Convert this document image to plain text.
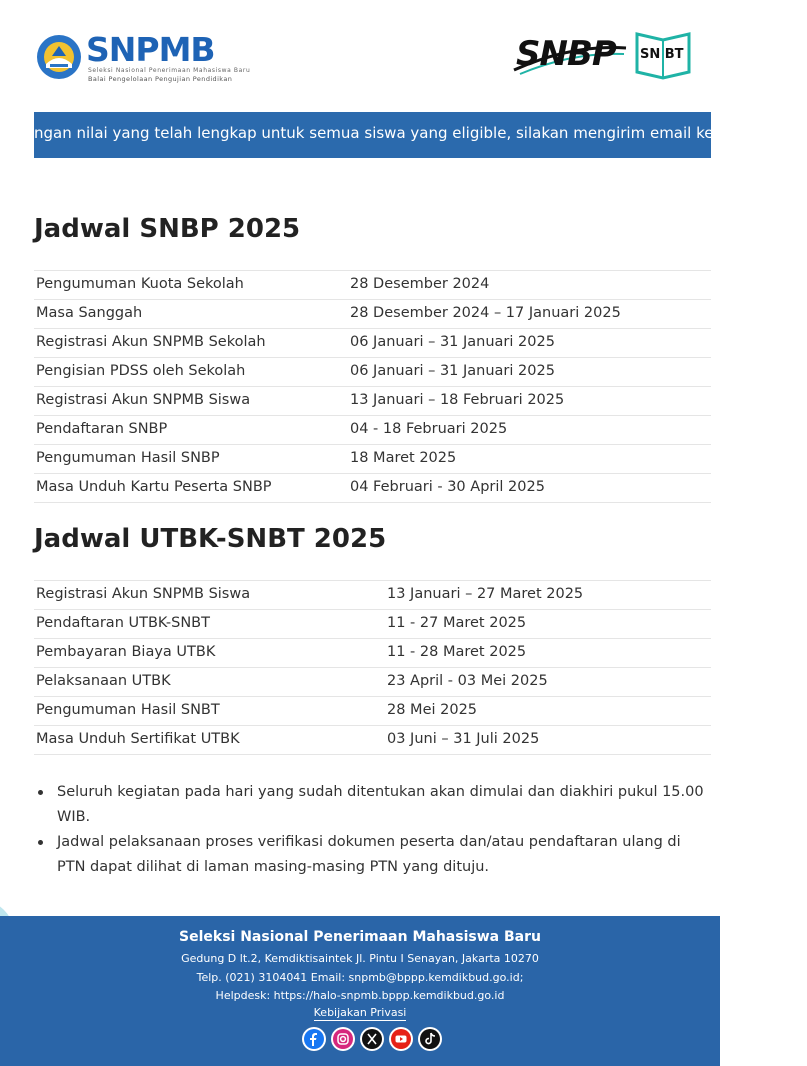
SNPMB
Seleksi Nasional Penerimaan Mahasiswa Baru
Balai Pengelolaan Pengujian Pendidikan
SNBP SN BT
ngan nilai yang telah lengkap untuk semua siswa yang eligible, silakan mengirim email ke halo-snpmb
Jadwal SNBP 2025
Pengumuman Kuota Sekolah	28 Desember 2024
Masa Sanggah	28 Desember 2024 – 17 Januari 2025
Registrasi Akun SNPMB Sekolah	06 Januari – 31 Januari 2025
Pengisian PDSS oleh Sekolah	06 Januari – 31 Januari 2025
Registrasi Akun SNPMB Siswa	13 Januari – 18 Februari 2025
Pendaftaran SNBP	04 - 18 Februari 2025
Pengumuman Hasil SNBP	18 Maret 2025
Masa Unduh Kartu Peserta SNBP	04 Februari - 30 April 2025
Jadwal UTBK-SNBT 2025
Registrasi Akun SNPMB Siswa	13 Januari – 27 Maret 2025
Pendaftaran UTBK-SNBT	11 - 27 Maret 2025
Pembayaran Biaya UTBK	11 - 28 Maret 2025
Pelaksanaan UTBK	23 April - 03 Mei 2025
Pengumuman Hasil SNBT	28 Mei 2025
Masa Unduh Sertifikat UTBK	03 Juni – 31 Juli 2025
Seluruh kegiatan pada hari yang sudah ditentukan akan dimulai dan diakhiri pukul 15.00 WIB.
Jadwal pelaksanaan proses verifikasi dokumen peserta dan/atau pendaftaran ulang di PTN dapat dilihat di laman masing-masing PTN yang dituju.
Seleksi Nasional Penerimaan Mahasiswa Baru
Gedung D lt.2, Kemdiktisaintek Jl. Pintu I Senayan, Jakarta 10270
Telp. (021) 3104041 Email: snpmb@bppp.kemdikbud.go.id;
Helpdesk: https://halo-snpmb.bppp.kemdikbud.go.id
Kebijakan Privasi
